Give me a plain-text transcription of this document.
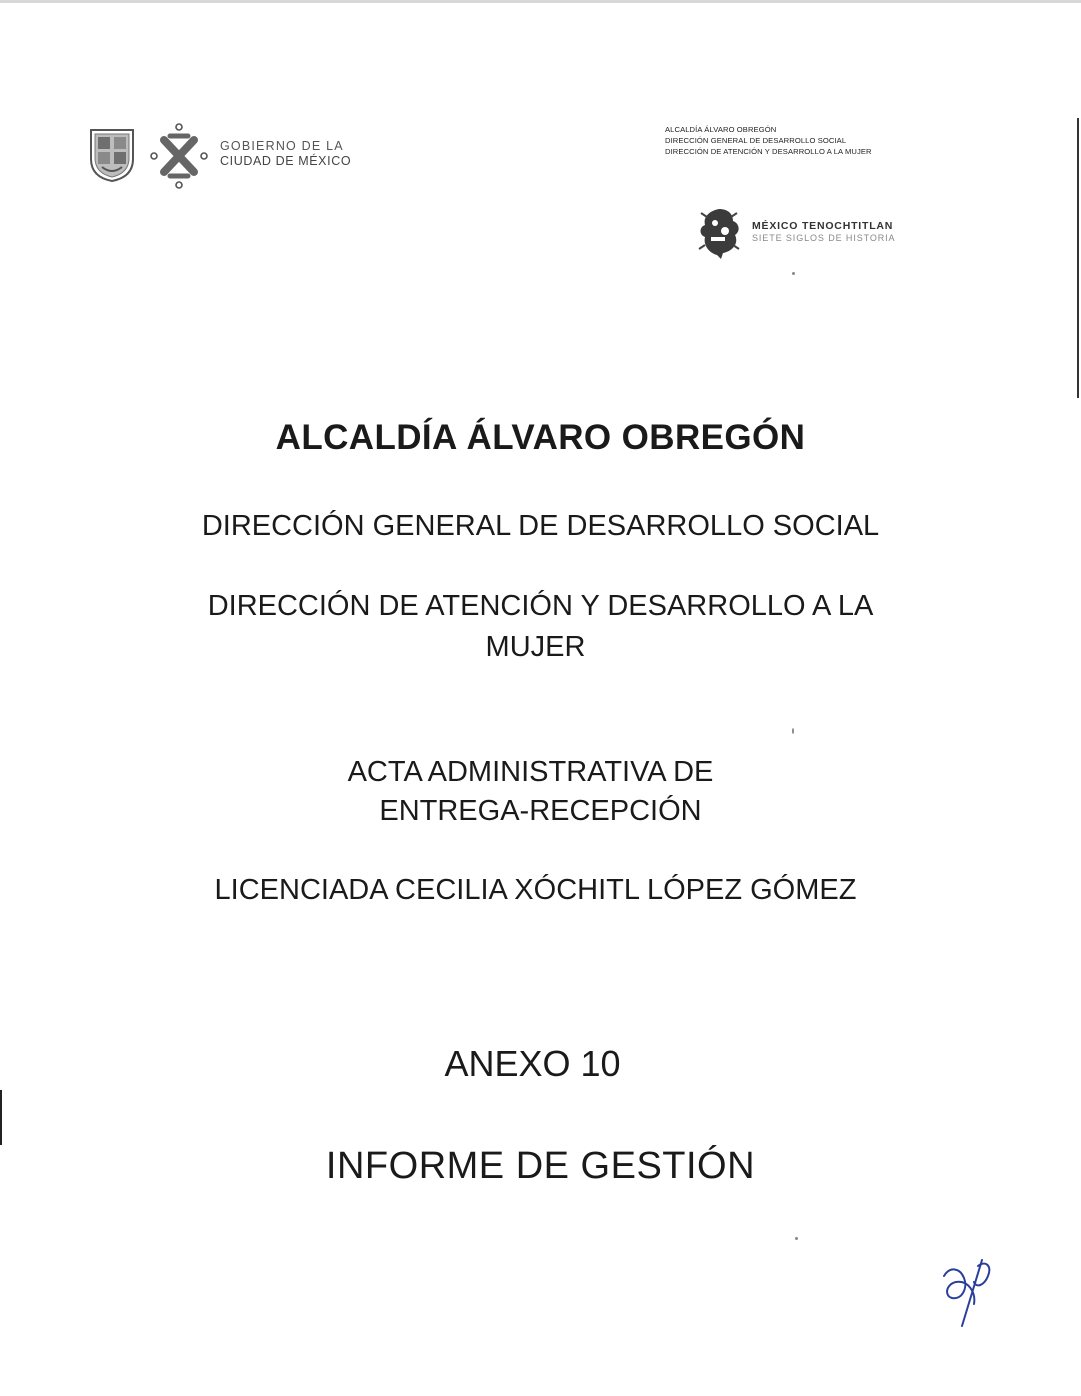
GOBIERNO DE LA
CIUDAD DE MÉXICO
ALCALDÍA ÁLVARO OBREGÓN
DIRECCIÓN GENERAL DE DESARROLLO SOCIAL
DIRECCIÓN DE ATENCIÓN Y DESARROLLO A LA MUJER
MÉXICO TENOCHTITLAN
SIETE SIGLOS DE HISTORIA
ALCALDÍA ÁLVARO OBREGÓN
DIRECCIÓN GENERAL DE DESARROLLO SOCIAL
DIRECCIÓN DE ATENCIÓN Y DESARROLLO A LA
MUJER
ACTA ADMINISTRATIVA DE
ENTREGA-RECEPCIÓN
LICENCIADA CECILIA XÓCHITL LÓPEZ GÓMEZ
ANEXO 10
INFORME DE GESTIÓN
